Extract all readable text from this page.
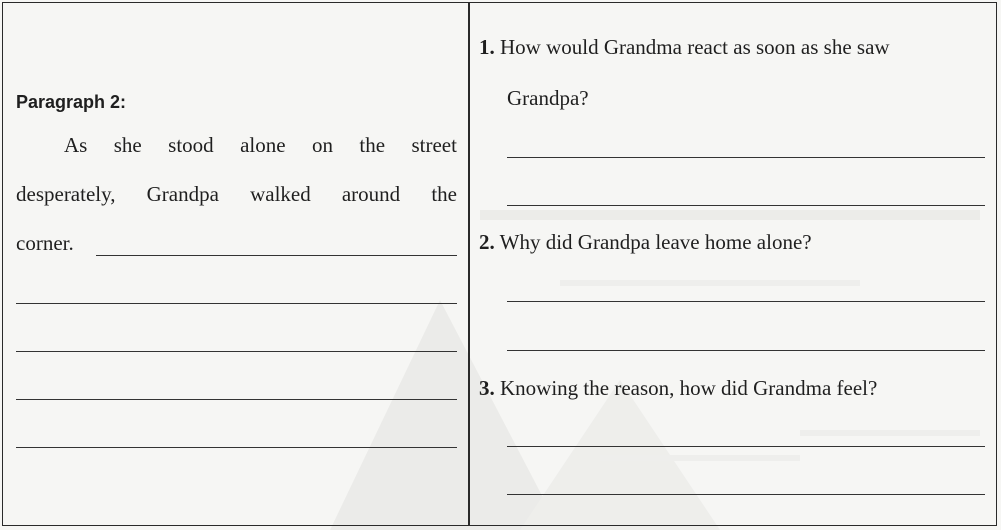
Paragraph 2:
As she stood alone on the street
desperately, Grandpa walked around the
corner.
1. How would Grandma react as soon as she saw
Grandpa?
2. Why did Grandpa leave home alone?
3. Knowing the reason, how did Grandma feel?
